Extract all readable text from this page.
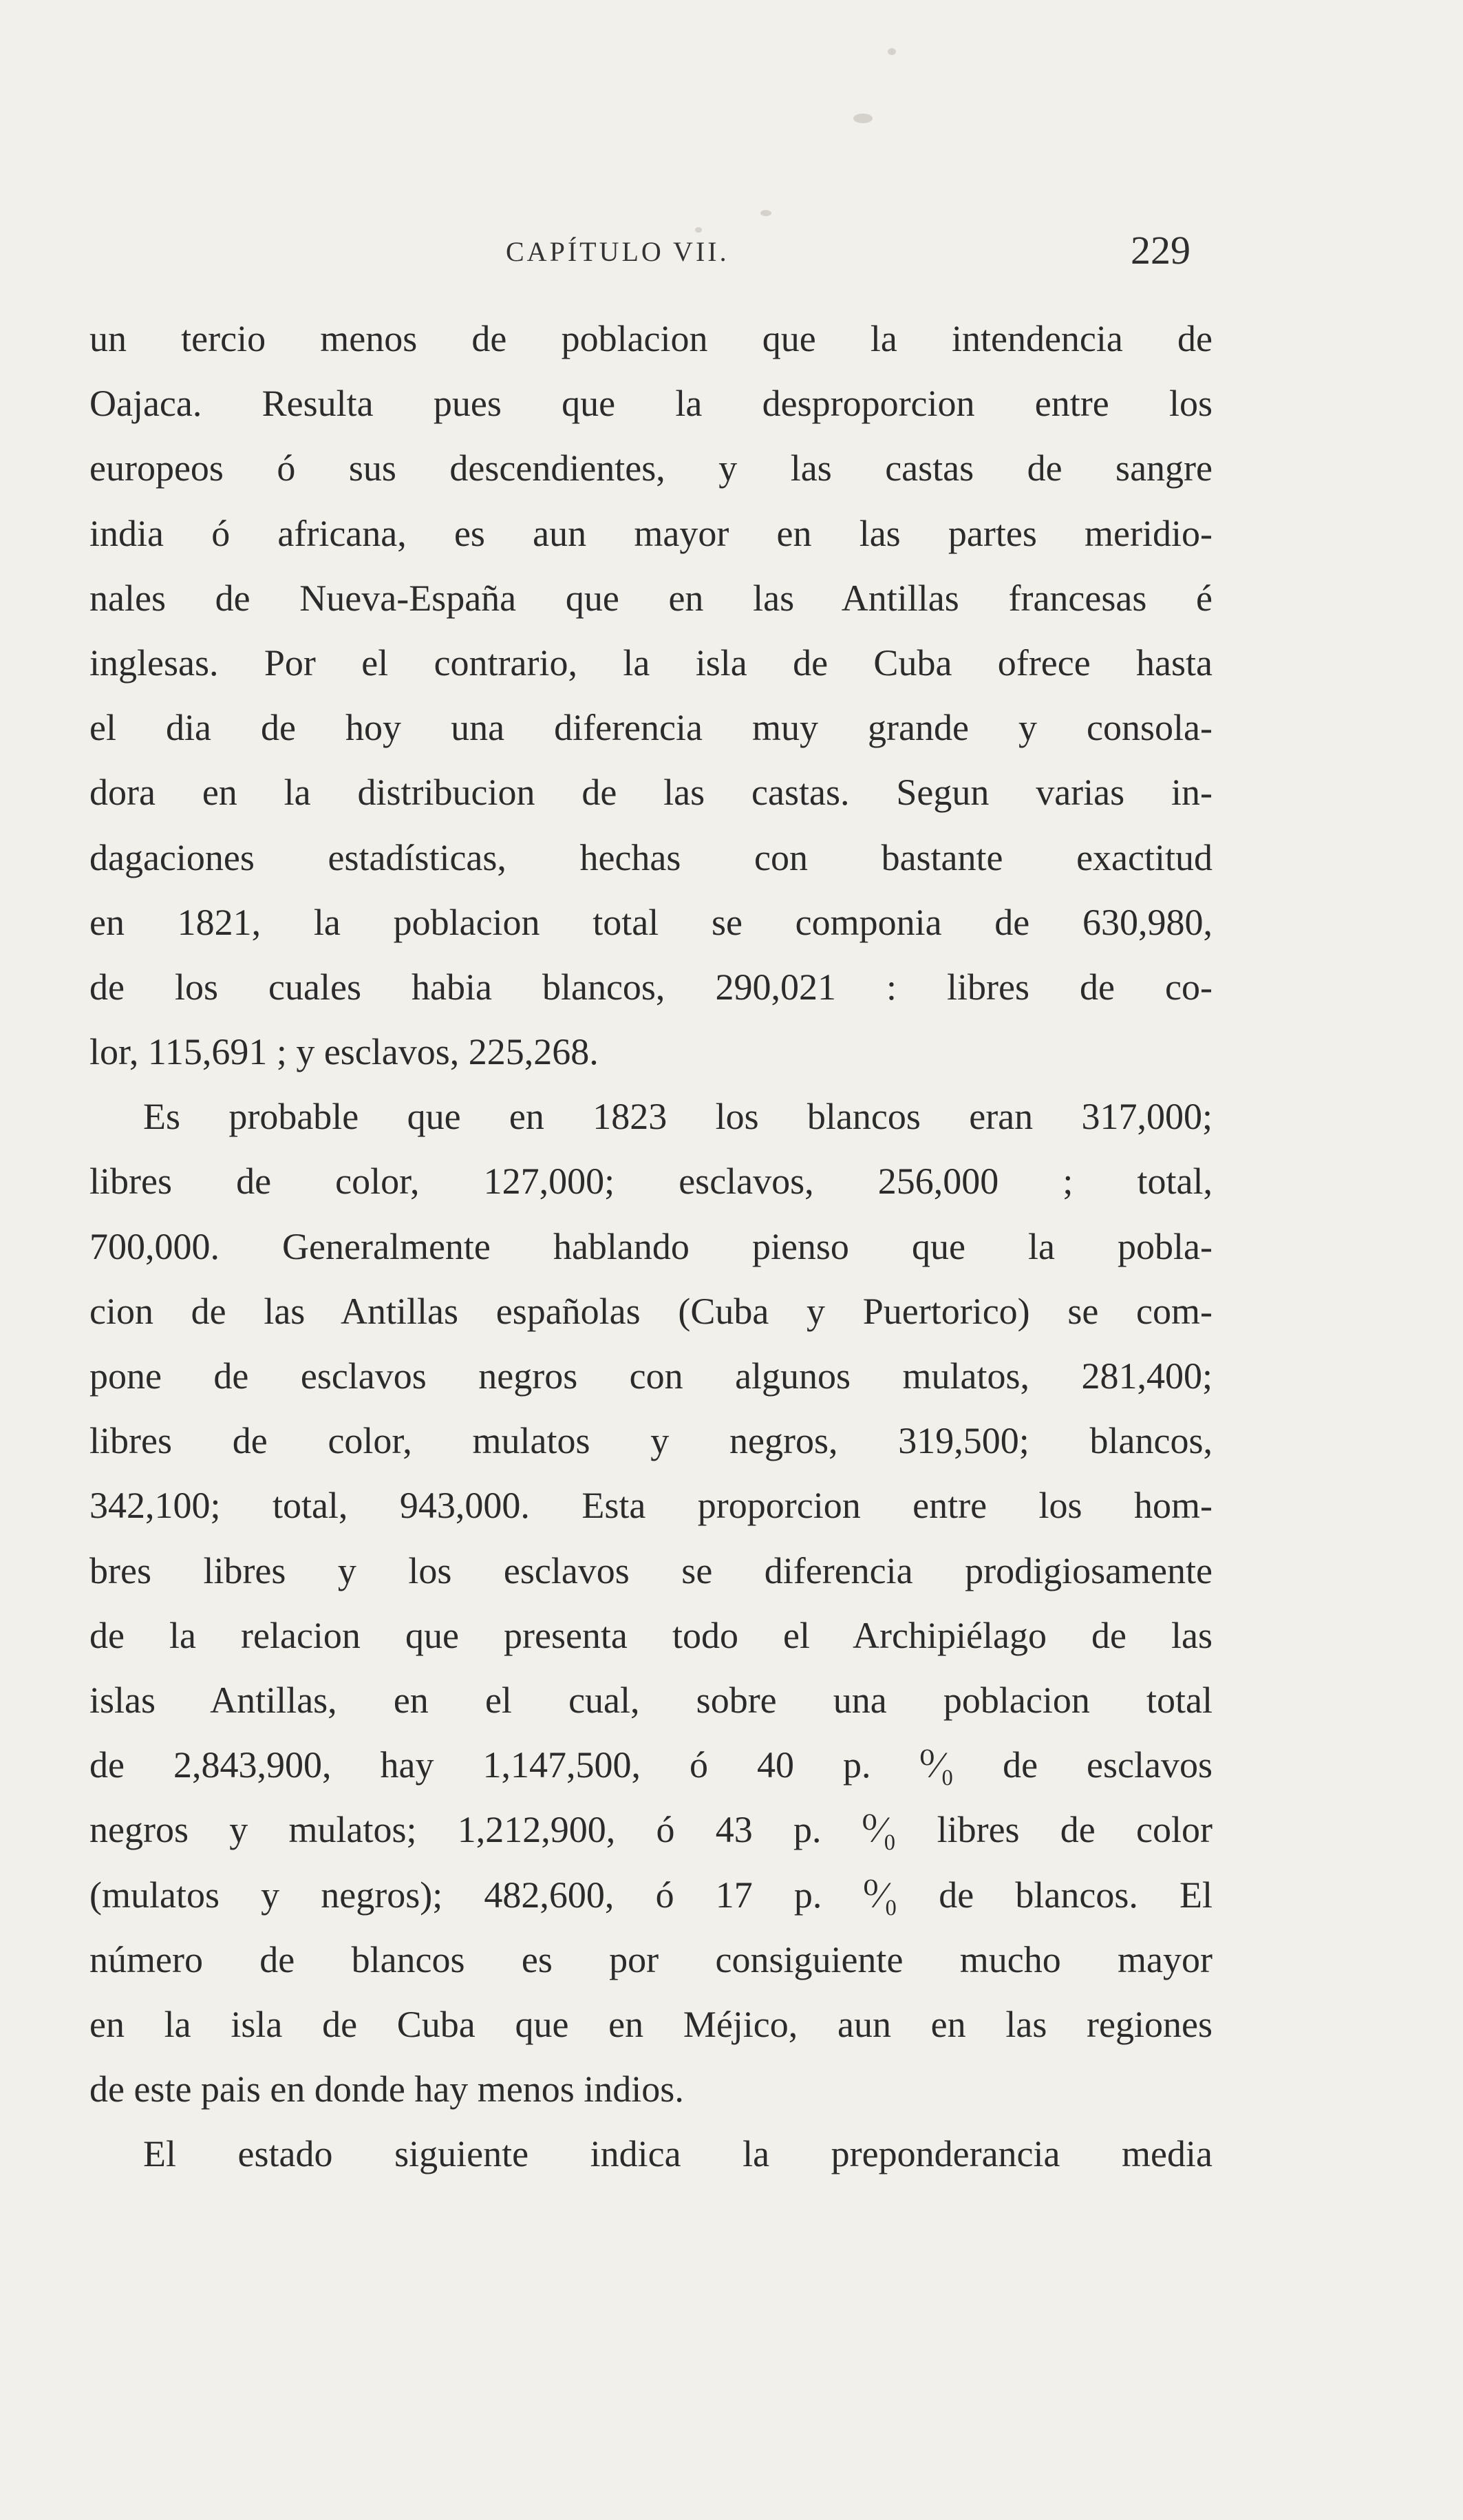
CAPÍTULO VII.	229
un tercio menos de poblacion que la intendencia de
Oajaca. Resulta pues que la desproporcion entre los
europeos ó sus descendientes, y las castas de sangre
india ó africana, es aun mayor en las partes meridio-
nales de Nueva-España que en las Antillas francesas é
inglesas. Por el contrario, la isla de Cuba ofrece hasta
el dia de hoy una diferencia muy grande y consola-
dora en la distribucion de las castas. Segun varias in-
dagaciones estadísticas, hechas con bastante exactitud
en 1821, la poblacion total se componia de 630,980,
de los cuales habia blancos, 290,021 : libres de co-
lor, 115,691 ; y esclavos, 225,268.
Es probable que en 1823 los blancos eran 317,000;
libres de color, 127,000; esclavos, 256,000 ; total,
700,000. Generalmente hablando pienso que la pobla-
cion de las Antillas españolas (Cuba y Puertorico) se com-
pone de esclavos negros con algunos mulatos, 281,400;
libres de color, mulatos y negros, 319,500; blancos,
342,100; total, 943,000. Esta proporcion entre los hom-
bres libres y los esclavos se diferencia prodigiosamente
de la relacion que presenta todo el Archipiélago de las
islas Antillas, en el cual, sobre una poblacion total
de 2,843,900, hay 1,147,500, ó 40 p. ⁰⁄₀ de esclavos
negros y mulatos; 1,212,900, ó 43 p. ⁰⁄₀ libres de color
(mulatos y negros); 482,600, ó 17 p. ⁰⁄₀ de blancos. El
número de blancos es por consiguiente mucho mayor
en la isla de Cuba que en Méjico, aun en las regiones
de este pais en donde hay menos indios.
El estado siguiente indica la preponderancia media
